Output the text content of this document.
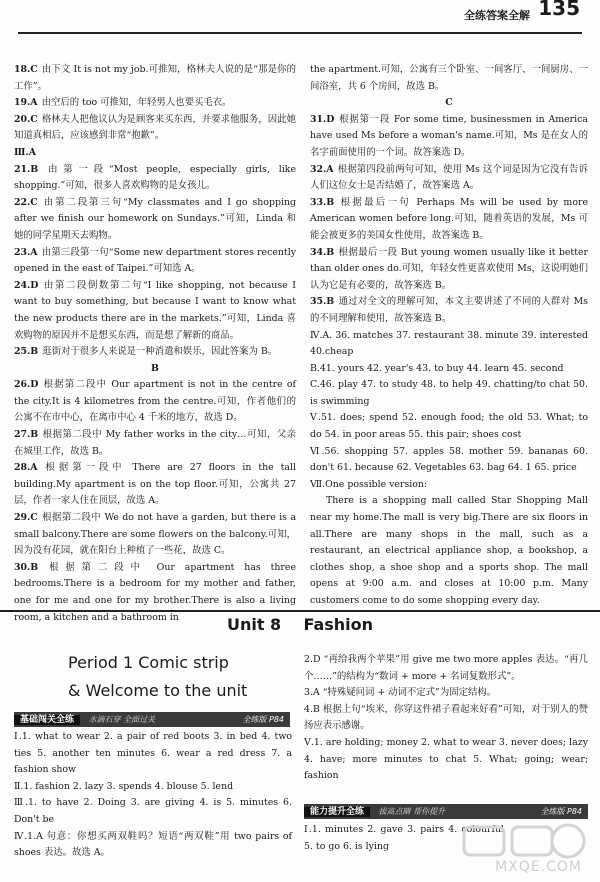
全练答案全解 135

18.C 由下文 It is not my job.可推知，格林夫人说的是“那是你的工作”。

19.A 由空后的 too 可推知，年轻男人也要买毛衣。

20.C 格林夫人把他议认为是顾客来买东西，并要求他服务，因此她知道真相后，应该感到非常“抱歉”。

Ⅲ.A

21.B 由第一段“Most people, especially girls, like shopping.”可知，很多人喜欢购物的是女孩儿。

22.C 由第二段第三句“My classmates and I go shopping after we finish our homework on Sundays.”可知，Linda 和她的同学星期天去购物。

23.A 由第三段第一句“Some new department stores recently opened in the east of Taipei.”可知选 A。

24.D 由第二段倒数第二句“I like shopping, not because I want to buy something, but because I want to know what the new products there are in the markets.”可知，Linda 喜欢购物的原因并不是想买东西，而是想了解新的商品。

25.B 逛街对于很多人来说是一种消遣和娱乐，因此答案为 B。

B

26.D 根据第二段中 Our apartment is not in the centre of the city.It is 4 kilometres from the centre.可知，作者他们的公寓不在市中心，在离市中心 4 千米的地方，故选 D。

27.B 根据第二段中 My father works in the city…可知，父亲在城里工作，故选 B。

28.A 根据第一段中 There are 27 floors in the tall building.My apartment is on the top floor.可知，公寓共 27 层，作者一家人住在顶层，故选 A。

29.C 根据第二段中 We do not have a garden, but there is a small balcony.There are some flowers on the balcony.可知，因为没有花园，就在阳台上种植了一些花，故选 C。

30.B 根据第二段中 Our apartment has three bedrooms.There is a bedroom for my mother and father, one for me and one for my brother.There is also a living room, a kitchen and a bathroom in

the apartment.可知，公寓有三个卧室、一间客厅、一间厨房、一间浴室，共 6 个房间，故选 B。

C

31.D 根据第一段 For some time, businessmen in America have used Ms before a woman's name.可知，Ms 是在女人的名字前面使用的一个词。故答案选 D。

32.A 根据第四段前两句可知，使用 Ms 这个词是因为它没有告诉人们这位女士是否结婚了，故答案选 A。

33.B 根据最后一句 Perhaps Ms will be used by more American women before long.可知，随着英语的发展，Ms 可能会被更多的美国女性使用，故答案选 B。

34.B 根据最后一段 But young women usually like it better than older ones do.可知，年轻女性更喜欢使用 Ms，这说明她们认为它是有必要的，故答案选 B。

35.B 通过对全文的理解可知，本文主要讲述了不同的人群对 Ms 的不同理解和使用，故答案选 B。

Ⅳ.A. 36. matches 37. restaurant 38. minute 39. interested 40.cheap

B.41. yours 42. year's 43. to buy 44. learn 45. second

C.46. play 47. to study 48. to help 49. chatting/to chat 50. is swimming

Ⅴ.51. does; spend 52. enough food; the old 53. What; to do 54. in poor areas 55. this pair; shoes cost

Ⅵ.56. shopping 57. apples 58. mother 59. bananas 60. don't 61. because 62. Vegetables 63. bag 64. 1 65. price

Ⅶ.One possible version:

There is a shopping mall called Star Shopping Mall near my home.The mall is very big.There are six floors in all.There are many shops in the mall, such as a restaurant, an electrical appliance shop, a bookshop, a clothes shop, a shoe shop and a sports shop. The mall opens at 9:00 a.m. and closes at 10:00 p.m. Many customers come to do some shopping every day.

Unit 8 Fashion
Period 1 Comic strip
& Welcome to the unit
基础闯关全练 水滴石穿 全面过关	全练版 P84

Ⅰ.1. what to wear 2. a pair of red boots 3. in bed 4. two ties 5. another ten minutes 6. wear a red dress 7. a fashion show

Ⅱ.1. fashion 2. lazy 3. spends 4. blouse 5. lend

Ⅲ.1. to have 2. Doing 3. are giving 4. is 5. minutes 6. Don't be

Ⅳ.1.A 句意：你想买两双鞋吗？短语“两双鞋”用 two pairs of shoes 表达。故选 A。

2.D “再给我两个苹果”用 give me two more apples 表达。“再几个……”的结构为“数词 + more + 名词复数形式”。

3.A “特殊疑问词 + 动词不定式”为固定结构。

4.B 根据上句“埃米，你穿这件裙子看起来好看”可知，对于别人的赞扬应表示感谢。

Ⅴ.1. are holding; money 2. what to wear 3. never does; lazy 4. have; more minutes to chat 5. What; going; wear; fashion

能力提升全练 拔高点睛 帮你提升	全练版 P84

Ⅰ.1. minutes 2. gave 3. pairs 4. colourful 5. to go 6. is lying

MXQE.COM
